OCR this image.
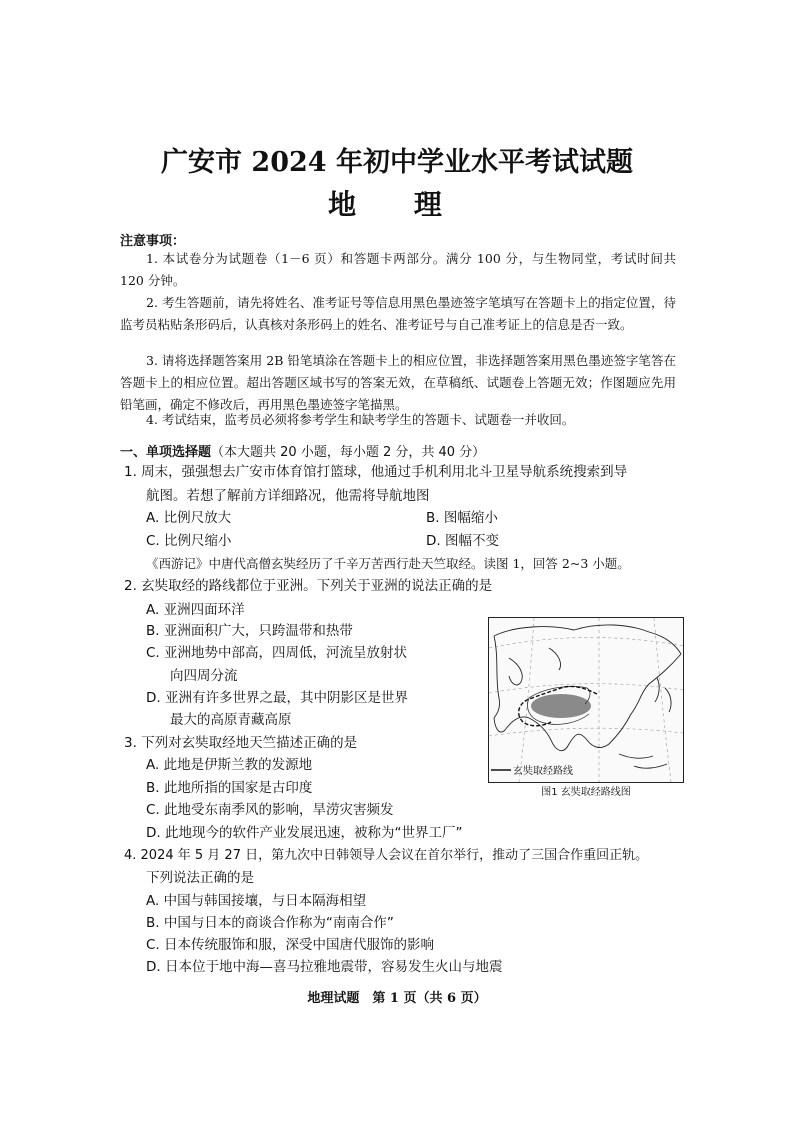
广安市 2024 年初中学业水平考试试题
地 理
注意事项：
1. 本试卷分为试题卷（1－6 页）和答题卡两部分。满分 100 分，与生物同堂，考试时间共 120 分钟。
2. 考生答题前，请先将姓名、准考证号等信息用黑色墨迹签字笔填写在答题卡上的指定位置，待监考员粘贴条形码后，认真核对条形码上的姓名、准考证号与自己准考证上的信息是否一致。
3. 请将选择题答案用 2B 铅笔填涂在答题卡上的相应位置，非选择题答案用黑色墨迹签字笔答在答题卡上的相应位置。超出答题区域书写的答案无效，在草稿纸、试题卷上答题无效；作图题应先用铅笔画，确定不修改后，再用黑色墨迹签字笔描黑。
4. 考试结束，监考员必须将参考学生和缺考学生的答题卡、试题卷一并收回。
一、单项选择题（本大题共 20 小题，每小题 2 分，共 40 分）
1. 周末，强强想去广安市体育馆打篮球，他通过手机利用北斗卫星导航系统搜索到导
航图。若想了解前方详细路况，他需将导航地图
A. 比例尺放大	B. 图幅缩小
C. 比例尺缩小	D. 图幅不变
《西游记》中唐代高僧玄奘经历了千辛万苦西行赴天竺取经。读图 1，回答 2~3 小题。
2. 玄奘取经的路线都位于亚洲。下列关于亚洲的说法正确的是
A. 亚洲四面环洋
B. 亚洲面积广大，只跨温带和热带
C. 亚洲地势中部高，四周低，河流呈放射状
向四周分流
D. 亚洲有许多世界之最，其中阴影区是世界
最大的高原青藏高原
玄奘取经路线
图1 玄奘取经路线图
3. 下列对玄奘取经地天竺描述正确的是
A. 此地是伊斯兰教的发源地
B. 此地所指的国家是古印度
C. 此地受东南季风的影响，旱涝灾害频发
D. 此地现今的软件产业发展迅速，被称为“世界工厂”
4. 2024 年 5 月 27 日，第九次中日韩领导人会议在首尔举行，推动了三国合作重回正轨。
下列说法正确的是
A. 中国与韩国接壤，与日本隔海相望
B. 中国与日本的商谈合作称为“南南合作”
C. 日本传统服饰和服，深受中国唐代服饰的影响
D. 日本位于地中海—喜马拉雅地震带，容易发生火山与地震
地理试题　第 1 页（共 6 页）
